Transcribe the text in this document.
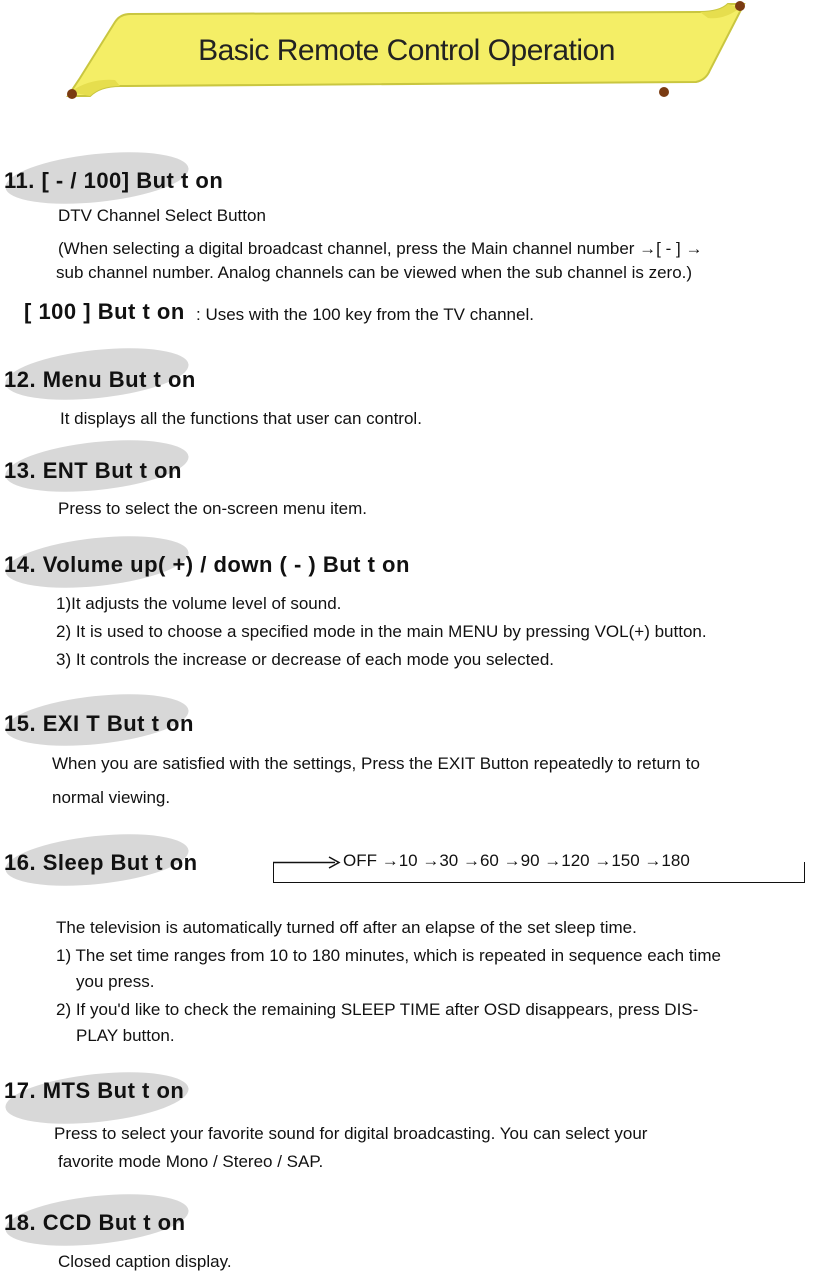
Basic Remote Control Operation
11. [ - / 100] But t on
DTV Channel Select Button
(When selecting a digital broadcast channel, press the Main channel number →[ - ] →
sub channel number. Analog channels can be viewed when the sub channel is zero.)
[ 100 ] But t on : Uses with the 100 key from the TV channel.
12. Menu But t on
It displays all the functions that user can control.
13. ENT But t on
Press to select the on-screen menu item.
14. Volume up( +) / down ( - ) But t on
1)It adjusts the volume level of sound.
2) It is used to choose a specified mode in the main MENU by pressing VOL(+) button.
3) It controls the increase or decrease of each mode you selected.
15. EXI T But t on
When you are satisfied with the settings, Press the EXIT Button repeatedly to return to
normal viewing.
16. Sleep But t on	OFF →10 →30 →60 →90 →120 →150 →180
The television is automatically turned off after an elapse of the set sleep time.
1) The set time ranges from 10 to 180 minutes, which is repeated in sequence each time
you press.
2) If you'd like to check the remaining SLEEP TIME after OSD disappears, press DIS-
PLAY button.
17. MTS But t on
Press to select your favorite sound for digital broadcasting. You can select your
favorite mode Mono / Stereo / SAP.
18. CCD But t on
Closed caption display.
